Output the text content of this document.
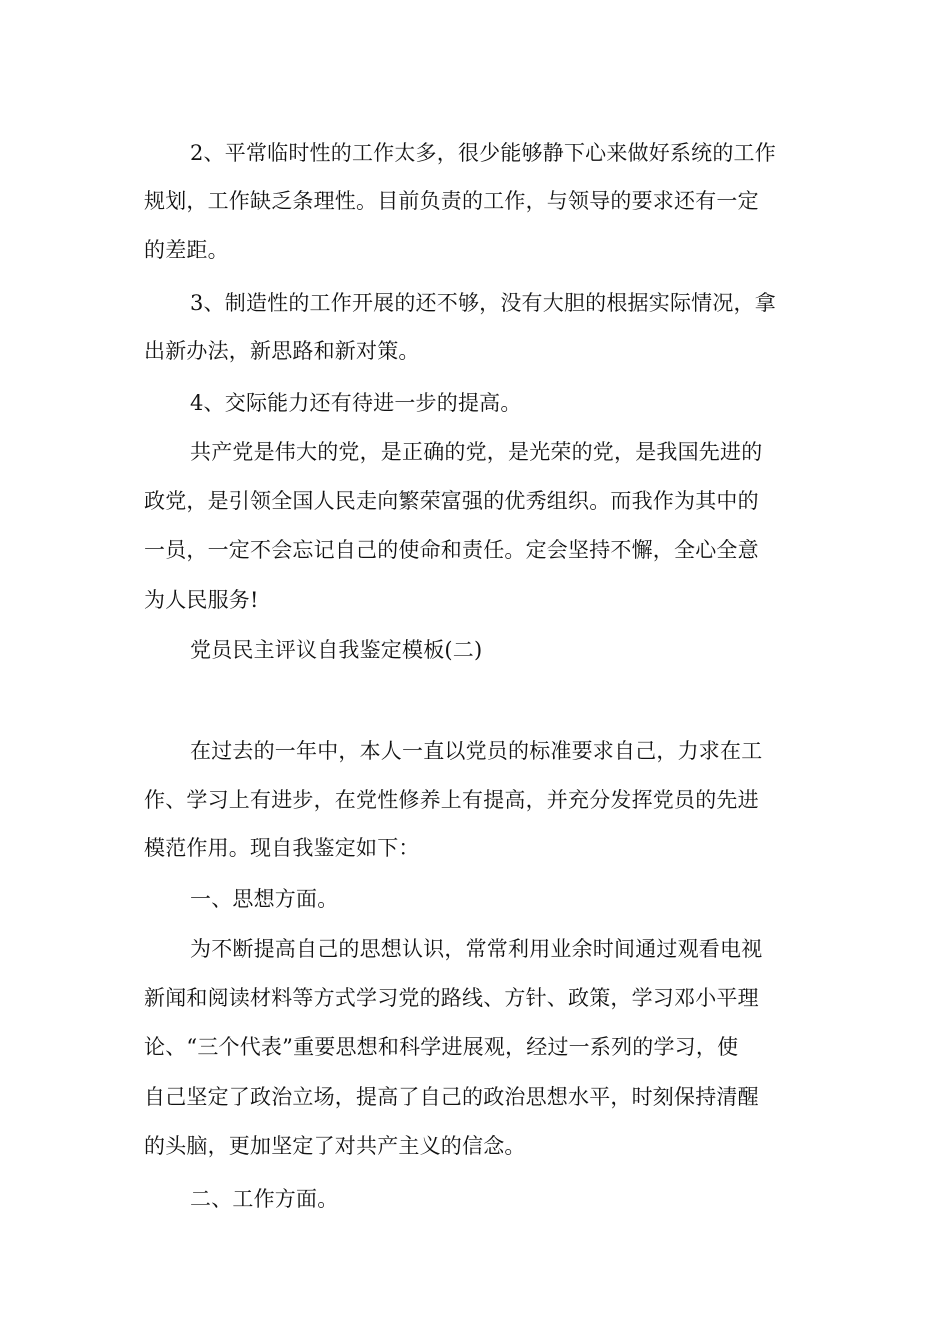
2、平常临时性的工作太多，很少能够静下心来做好系统的工作
规划，工作缺乏条理性。目前负责的工作，与领导的要求还有一定
的差距。
3、制造性的工作开展的还不够，没有大胆的根据实际情况，拿
出新办法，新思路和新对策。
4、交际能力还有待进一步的提高。
共产党是伟大的党，是正确的党，是光荣的党，是我国先进的
政党，是引领全国人民走向繁荣富强的优秀组织。而我作为其中的
一员，一定不会忘记自己的使命和责任。定会坚持不懈，全心全意
为人民服务!
党员民主评议自我鉴定模板(二)
在过去的一年中，本人一直以党员的标准要求自己，力求在工
作、学习上有进步，在党性修养上有提高，并充分发挥党员的先进
模范作用。现自我鉴定如下：
一、思想方面。
为不断提高自己的思想认识，常常利用业余时间通过观看电视
新闻和阅读材料等方式学习党的路线、方针、政策，学习邓小平理
论、“三个代表”重要思想和科学进展观，经过一系列的学习，使
自己坚定了政治立场，提高了自己的政治思想水平，时刻保持清醒
的头脑，更加坚定了对共产主义的信念。
二、工作方面。
